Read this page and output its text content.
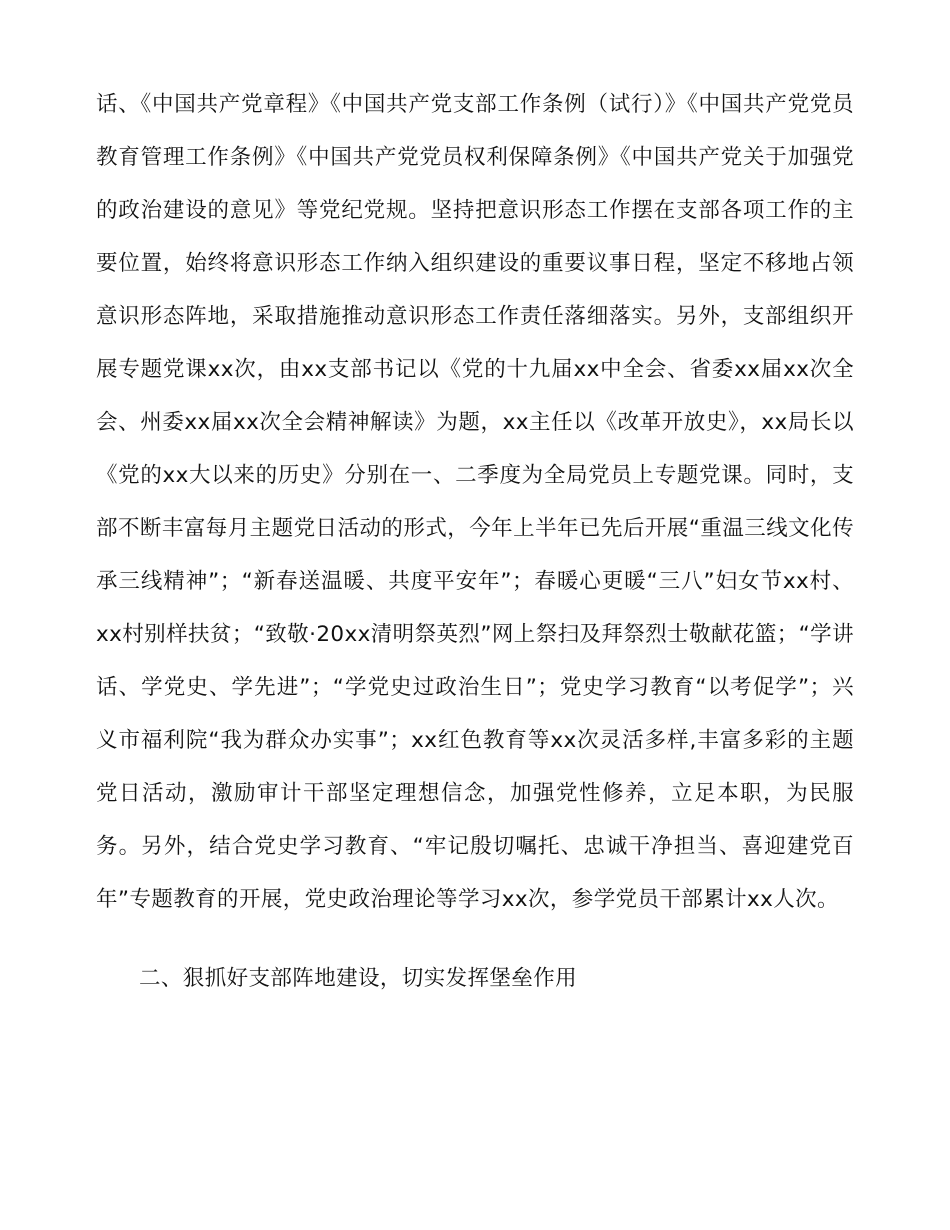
话、《中国共产党章程》《中国共产党支部工作条例（试行）》《中国共产党党员教育管理工作条例》《中国共产党党员权利保障条例》《中国共产党关于加强党的政治建设的意见》等党纪党规。坚持把意识形态工作摆在支部各项工作的主要位置，始终将意识形态工作纳入组织建设的重要议事日程，坚定不移地占领意识形态阵地，采取措施推动意识形态工作责任落细落实。另外，支部组织开展专题党课xx次，由xx支部书记以《党的十九届xx中全会、省委xx届xx次全会、州委xx届xx次全会精神解读》为题，xx主任以《改革开放史》，xx局长以《党的xx大以来的历史》分别在一、二季度为全局党员上专题党课。同时，支部不断丰富每月主题党日活动的形式，今年上半年已先后开展“重温三线文化传承三线精神”；“新春送温暖、共度平安年”；春暖心更暖“三八”妇女节xx村、xx村别样扶贫；“致敬·20xx清明祭英烈”网上祭扫及拜祭烈士敬献花篮；“学讲话、学党史、学先进”；“学党史过政治生日”；党史学习教育“以考促学”；兴义市福利院“我为群众办实事”；xx红色教育等xx次灵活多样,丰富多彩的主题党日活动，激励审计干部坚定理想信念，加强党性修养，立足本职，为民服务。另外，结合党史学习教育、“牢记殷切嘱托、忠诚干净担当、喜迎建党百年”专题教育的开展，党史政治理论等学习xx次，参学党员干部累计xx人次。

二、狠抓好支部阵地建设，切实发挥堡垒作用
